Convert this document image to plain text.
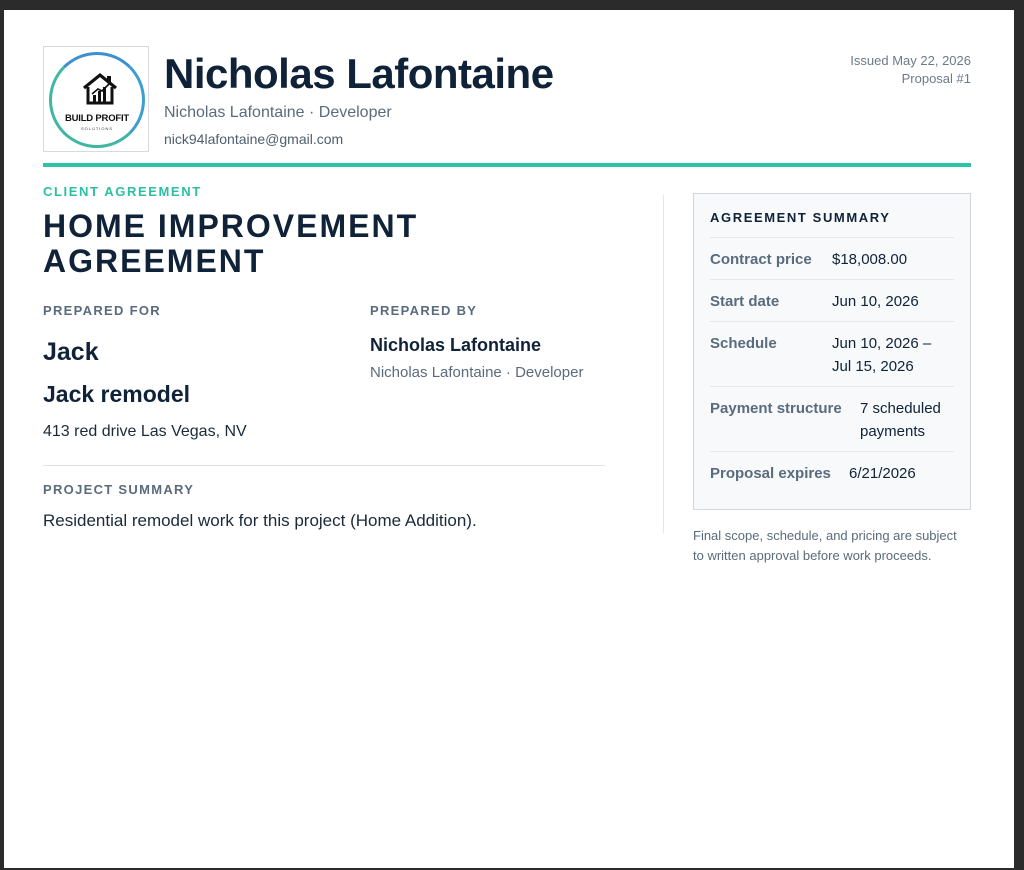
BUILD PROFIT
SOLUTIONS
Nicholas Lafontaine
Nicholas Lafontaine · Developer
nick94lafontaine@gmail.com
Issued May 22, 2026
Proposal #1
CLIENT AGREEMENT
HOME IMPROVEMENT
AGREEMENT
PREPARED FOR
Jack
Jack remodel
413 red drive Las Vegas, NV
PREPARED BY
Nicholas Lafontaine
Nicholas Lafontaine · Developer
PROJECT SUMMARY
Residential remodel work for this project (Home Addition).
AGREEMENT SUMMARY
Contract price	$18,008.00
Start date	Jun 10, 2026
Schedule	Jun 10, 2026 –
Jul 15, 2026
Payment structure	7 scheduled
payments
Proposal expires	6/21/2026
Final scope, schedule, and pricing are subject to written approval before work proceeds.
